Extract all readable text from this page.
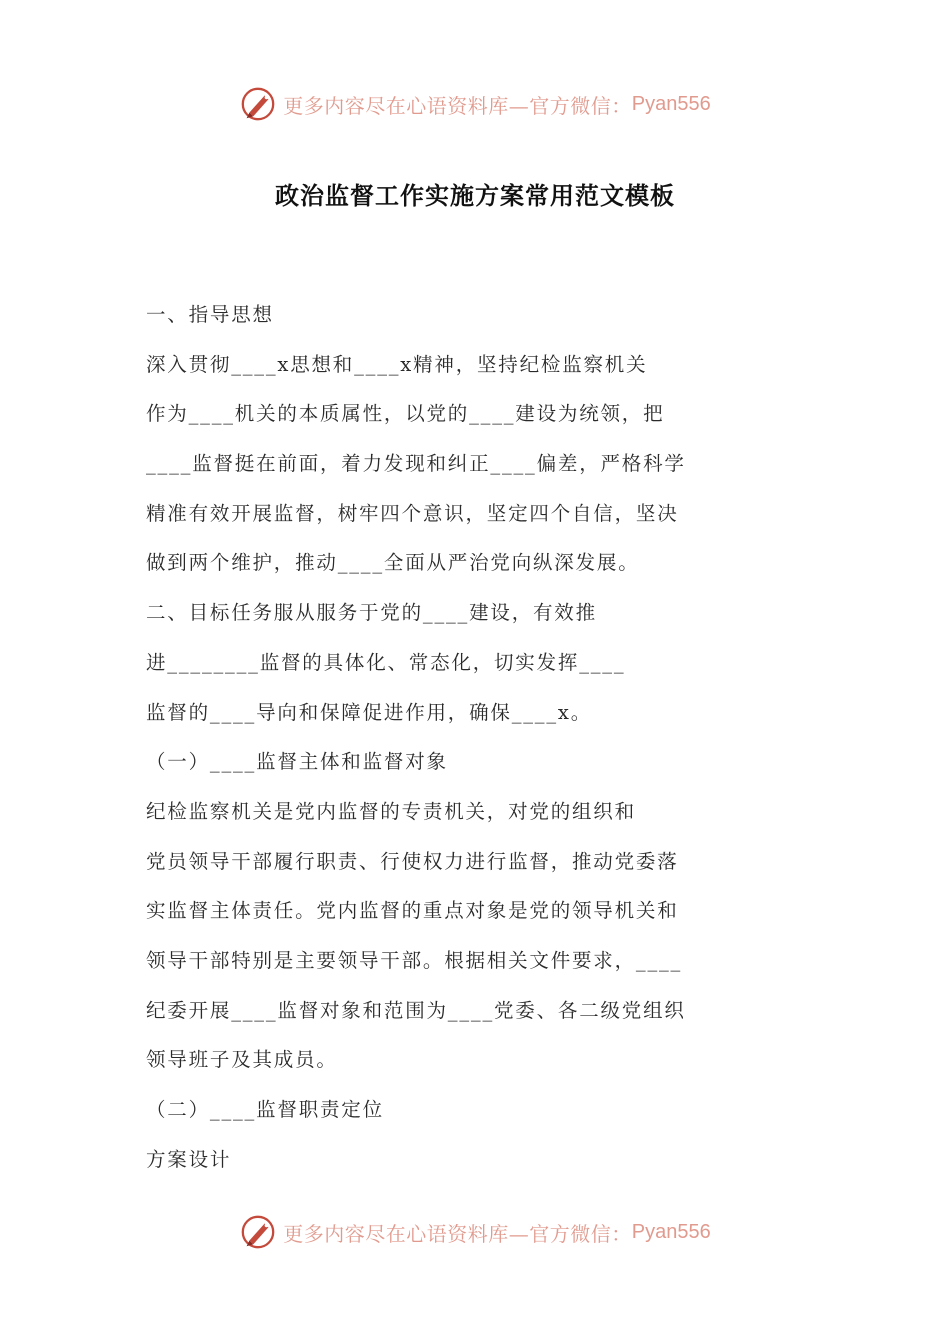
更多内容尽在心语资料库—官方微信： Pyan556
政治监督工作实施方案常用范文模板
一、指导思想
深入贯彻____x思想和____x精神，坚持纪检监察机关
作为____机关的本质属性，以党的____建设为统领，把
____监督挺在前面，着力发现和纠正____偏差，严格科学
精准有效开展监督，树牢四个意识，坚定四个自信，坚决
做到两个维护，推动____全面从严治党向纵深发展。
二、目标任务服从服务于党的____建设，有效推
进________监督的具体化、常态化，切实发挥____
监督的____导向和保障促进作用，确保____x。
（一）____监督主体和监督对象
纪检监察机关是党内监督的专责机关，对党的组织和
党员领导干部履行职责、行使权力进行监督，推动党委落
实监督主体责任。党内监督的重点对象是党的领导机关和
领导干部特别是主要领导干部。根据相关文件要求，____
纪委开展____监督对象和范围为____党委、各二级党组织
领导班子及其成员。
（二）____监督职责定位
方案设计
更多内容尽在心语资料库—官方微信： Pyan556
